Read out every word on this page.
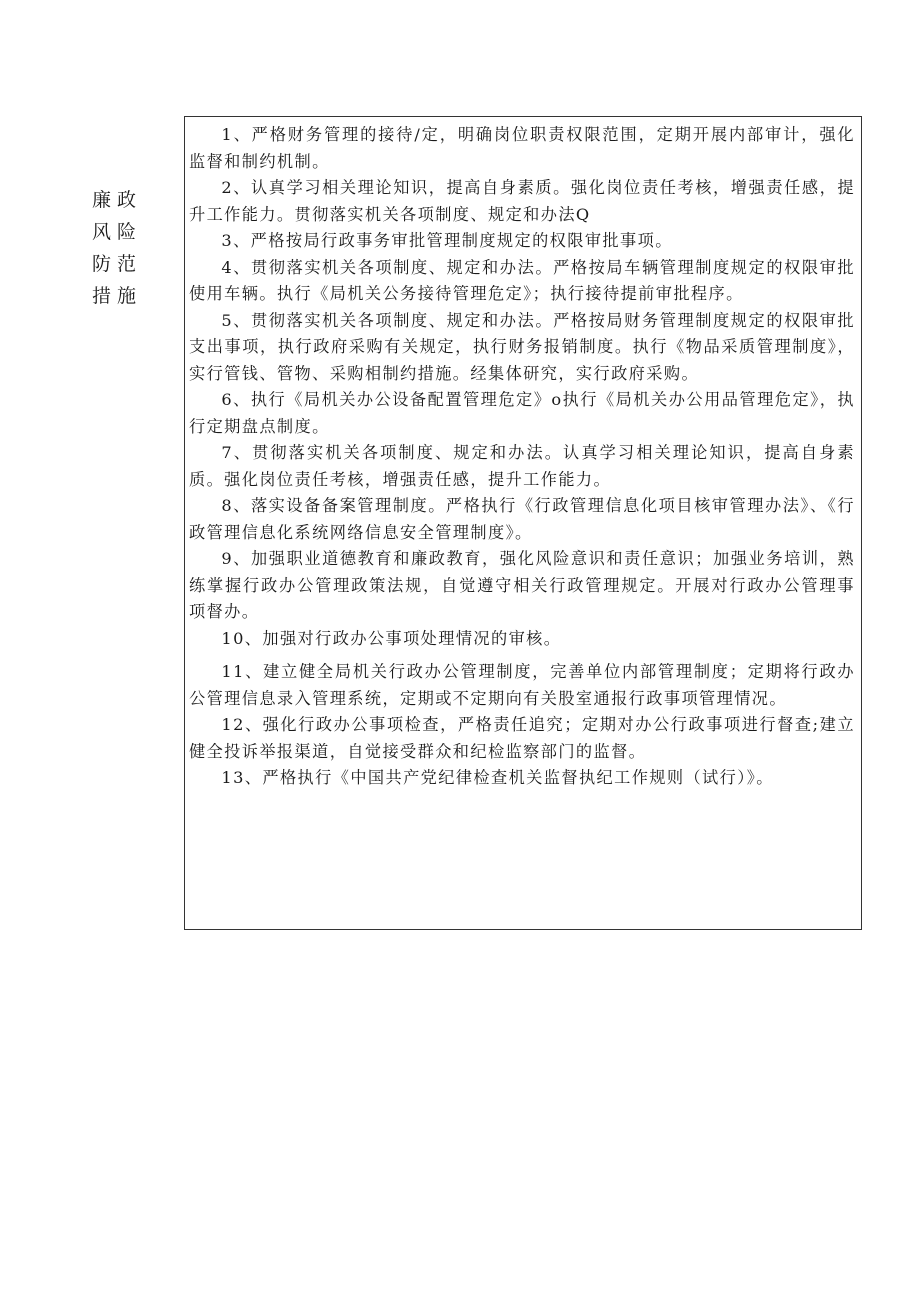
廉政
风险
防范
措施

1、严格财务管理的接待/定，明确岗位职责权限范围，定期开展内部审计，强化监督和制约机制。

2、认真学习相关理论知识，提高自身素质。强化岗位责任考核，增强责任感，提升工作能力。贯彻落实机关各项制度、规定和办法Q

3、严格按局行政事务审批管理制度规定的权限审批事项。

4、贯彻落实机关各项制度、规定和办法。严格按局车辆管理制度规定的权限审批使用车辆。执行《局机关公务接待管理危定》；执行接待提前审批程序。

5、贯彻落实机关各项制度、规定和办法。严格按局财务管理制度规定的权限审批支出事项，执行政府采购有关规定，执行财务报销制度。执行《物品采质管理制度》，实行管钱、管物、采购相制约措施。经集体研究，实行政府采购。

6、执行《局机关办公设备配置管理危定》o执行《局机关办公用品管理危定》，执行定期盘点制度。

7、贯彻落实机关各项制度、规定和办法。认真学习相关理论知识，提高自身素质。强化岗位责任考核，增强责任感，提升工作能力。

8、落实设备备案管理制度。严格执行《行政管理信息化项目核审管理办法》、《行政管理信息化系统网络信息安全管理制度》。

9、加强职业道德教育和廉政教育，强化风险意识和责任意识；加强业务培训，熟练掌握行政办公管理政策法规，自觉遵守相关行政管理规定。开展对行政办公管理事项督办。

10、加强对行政办公事项处理情况的审核。

11、建立健全局机关行政办公管理制度，完善单位内部管理制度；定期将行政办公管理信息录入管理系统，定期或不定期向有关股室通报行政事项管理情况。

12、强化行政办公事项检查，严格责任追究；定期对办公行政事项进行督查;建立健全投诉举报渠道，自觉接受群众和纪检监察部门的监督。

13、严格执行《中国共产党纪律检查机关监督执纪工作规则（试行）》。
